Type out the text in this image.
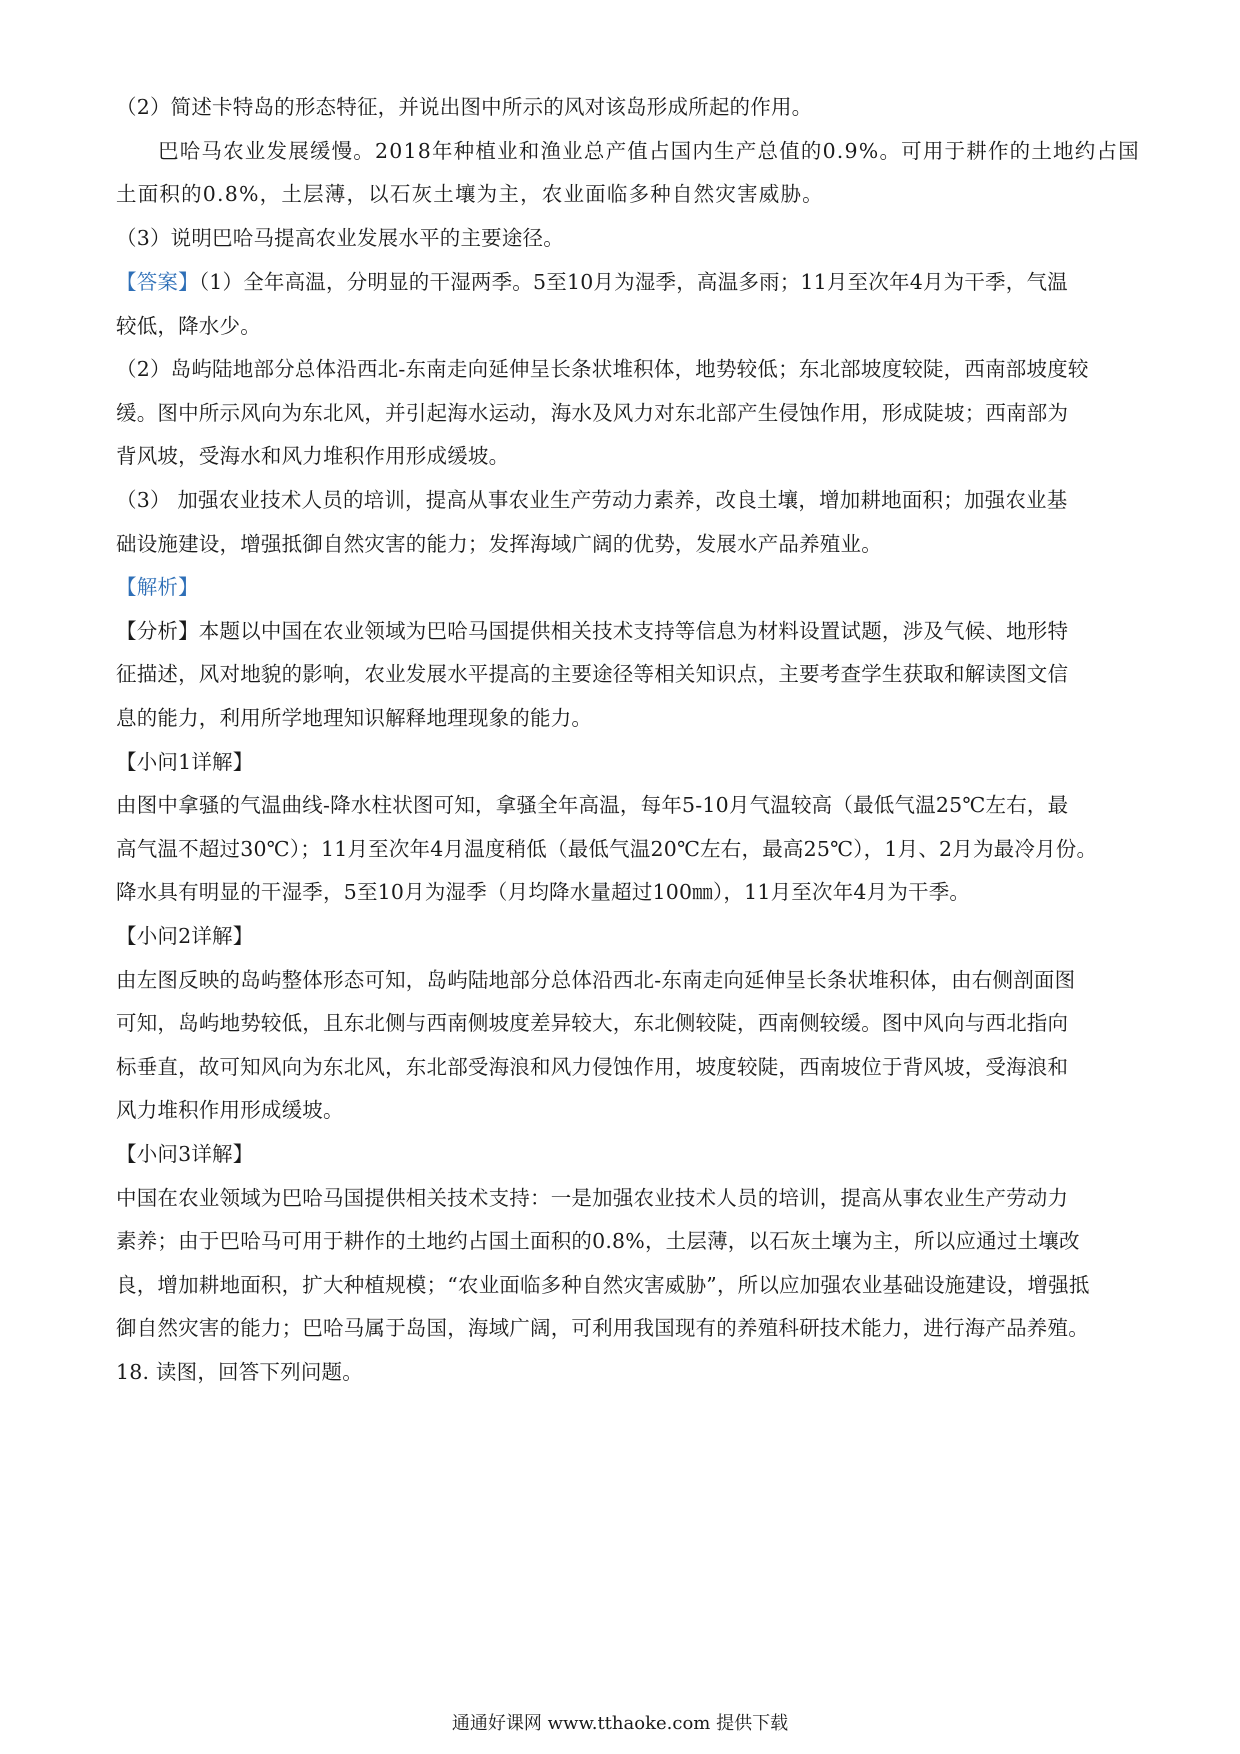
（2）简述卡特岛的形态特征，并说出图中所示的风对该岛形成所起的作用。
巴哈马农业发展缓慢。2018年种植业和渔业总产值占国内生产总值的0.9%。可用于耕作的土地约占国
土面积的0.8%，土层薄，以石灰土壤为主，农业面临多种自然灾害威胁。
（3）说明巴哈马提高农业发展水平的主要途径。
【答案】（1）全年高温，分明显的干湿两季。5至10月为湿季，高温多雨；11月至次年4月为干季，气温
较低，降水少。
（2）岛屿陆地部分总体沿西北-东南走向延伸呈长条状堆积体，地势较低；东北部坡度较陡，西南部坡度较
缓。图中所示风向为东北风，并引起海水运动，海水及风力对东北部产生侵蚀作用，形成陡坡；西南部为
背风坡，受海水和风力堆积作用形成缓坡。
（3） 加强农业技术人员的培训，提高从事农业生产劳动力素养，改良土壤，增加耕地面积；加强农业基
础设施建设，增强抵御自然灾害的能力；发挥海域广阔的优势，发展水产品养殖业。
【解析】
【分析】本题以中国在农业领域为巴哈马国提供相关技术支持等信息为材料设置试题，涉及气候、地形特
征描述，风对地貌的影响，农业发展水平提高的主要途径等相关知识点，主要考查学生获取和解读图文信
息的能力，利用所学地理知识解释地理现象的能力。
【小问1详解】
由图中拿骚的气温曲线-降水柱状图可知，拿骚全年高温，每年5-10月气温较高（最低气温25℃左右，最
高气温不超过30℃）；11月至次年4月温度稍低（最低气温20℃左右，最高25℃），1月、2月为最冷月份。
降水具有明显的干湿季，5至10月为湿季（月均降水量超过100㎜），11月至次年4月为干季。
【小问2详解】
由左图反映的岛屿整体形态可知，岛屿陆地部分总体沿西北-东南走向延伸呈长条状堆积体，由右侧剖面图
可知，岛屿地势较低，且东北侧与西南侧坡度差异较大，东北侧较陡，西南侧较缓。图中风向与西北指向
标垂直，故可知风向为东北风，东北部受海浪和风力侵蚀作用，坡度较陡，西南坡位于背风坡，受海浪和
风力堆积作用形成缓坡。
【小问3详解】
中国在农业领域为巴哈马国提供相关技术支持：一是加强农业技术人员的培训，提高从事农业生产劳动力
素养；由于巴哈马可用于耕作的土地约占国土面积的0.8%，土层薄，以石灰土壤为主，所以应通过土壤改
良，增加耕地面积，扩大种植规模；“农业面临多种自然灾害威胁”，所以应加强农业基础设施建设，增强抵
御自然灾害的能力；巴哈马属于岛国，海域广阔，可利用我国现有的养殖科研技术能力，进行海产品养殖。
18. 读图，回答下列问题。
通通好课网 www.tthaoke.com 提供下载
